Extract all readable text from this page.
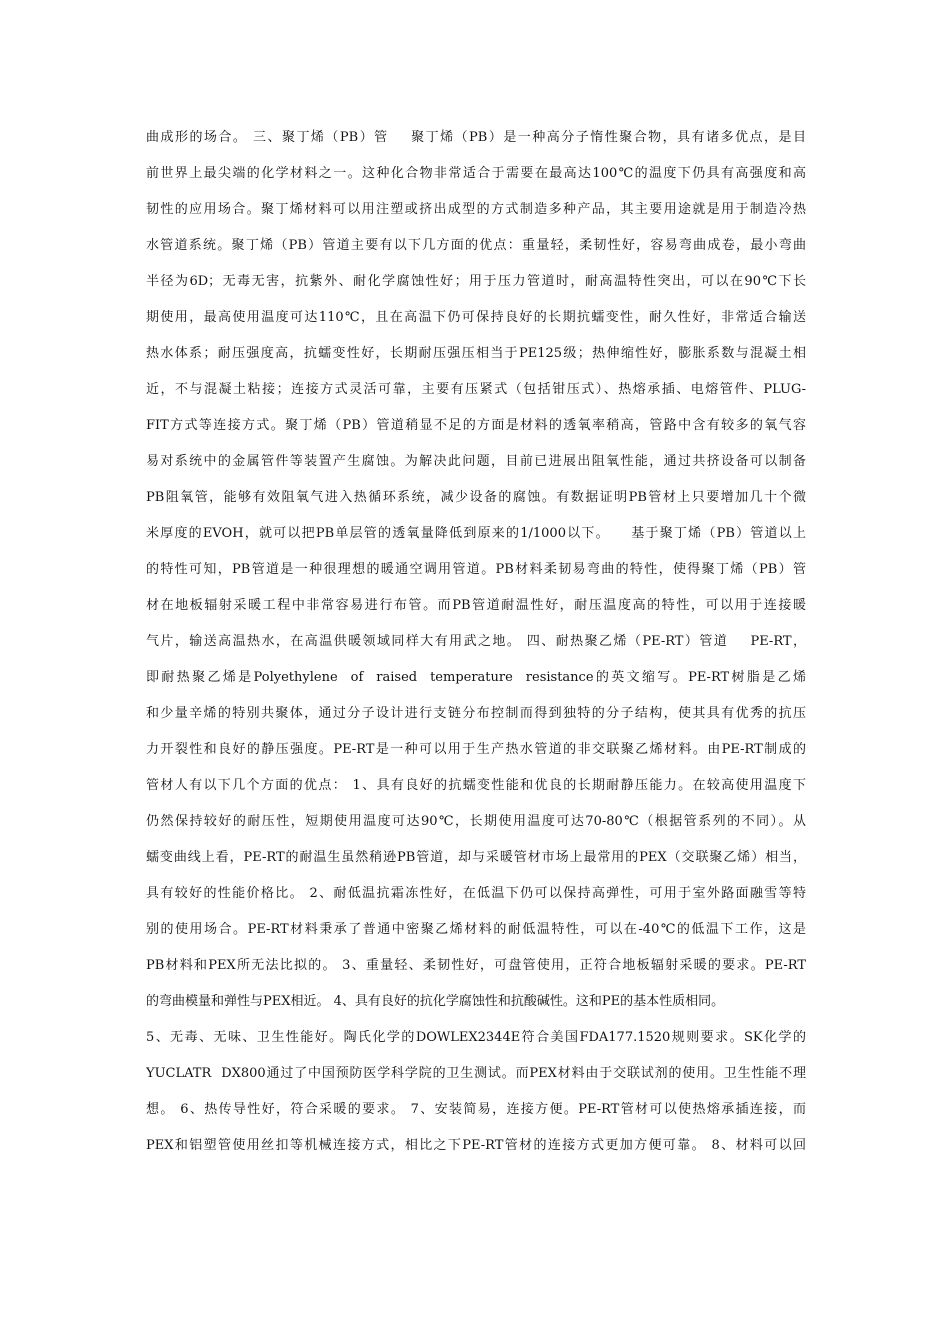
曲成形的场合。 三、聚丁烯（PB）管    聚丁烯（PB）是一种高分子惰性聚合物，具有诸多优点，是目
前世界上最尖端的化学材料之一。这种化合物非常适合于需要在最高达100℃的温度下仍具有高强度和高
韧性的应用场合。聚丁烯材料可以用注塑或挤出成型的方式制造多种产品，其主要用途就是用于制造冷热
水管道系统。聚丁烯（PB）管道主要有以下几方面的优点：重量轻，柔韧性好，容易弯曲成卷，最小弯曲
半径为6D；无毒无害，抗紫外、耐化学腐蚀性好；用于压力管道时，耐高温特性突出，可以在90℃下长
期使用，最高使用温度可达110℃，且在高温下仍可保持良好的长期抗蠕变性，耐久性好，非常适合输送
热水体系；耐压强度高，抗蠕变性好，长期耐压强压相当于PE125级；热伸缩性好，膨胀系数与混凝土相
近，不与混凝土粘接；连接方式灵活可靠，主要有压紧式（包括钳压式）、热熔承插、电熔管件、PLUG-
FIT方式等连接方式。聚丁烯（PB）管道稍显不足的方面是材料的透氧率稍高，管路中含有较多的氧气容
易对系统中的金属管件等装置产生腐蚀。为解决此问题，目前已进展出阻氧性能，通过共挤设备可以制备
PB阻氧管，能够有效阻氧气进入热循环系统，减少设备的腐蚀。有数据证明PB管材上只要增加几十个微
米厚度的EVOH，就可以把PB单层管的透氧量降低到原来的1/1000以下。    基于聚丁烯（PB）管道以上
的特性可知，PB管道是一种很理想的暖通空调用管道。PB材料柔韧易弯曲的特性，使得聚丁烯（PB）管
材在地板辐射采暖工程中非常容易进行布管。而PB管道耐温性好，耐压温度高的特性，可以用于连接暖
气片，输送高温热水，在高温供暖领域同样大有用武之地。 四、耐热聚乙烯（PE-RT）管道    PE-RT，
即耐热聚乙烯是Polyethylene  of  raised  temperature  resistance的英文缩写。PE-RT树脂是乙烯
和少量辛烯的特别共聚体，通过分子设计进行支链分布控制而得到独特的分子结构，使其具有优秀的抗压
力开裂性和良好的静压强度。PE-RT是一种可以用于生产热水管道的非交联聚乙烯材料。由PE-RT制成的
管材人有以下几个方面的优点： 1、具有良好的抗蠕变性能和优良的长期耐静压能力。在较高使用温度下
仍然保持较好的耐压性，短期使用温度可达90℃，长期使用温度可达70-80℃（根据管系列的不同）。从
蠕变曲线上看，PE-RT的耐温生虽然稍逊PB管道，却与采暖管材市场上最常用的PEX（交联聚乙烯）相当，
具有较好的性能价格比。 2、耐低温抗霜冻性好，在低温下仍可以保持高弹性，可用于室外路面融雪等特
别的使用场合。PE-RT材料秉承了普通中密聚乙烯材料的耐低温特性，可以在-40℃的低温下工作，这是
PB材料和PEX所无法比拟的。 3、重量轻、柔韧性好，可盘管使用，正符合地板辐射采暖的要求。PE-RT
的弯曲模量和弹性与PEX相近。 4、具有良好的抗化学腐蚀性和抗酸碱性。这和PE的基本性质相同。
5、无毒、无味、卫生性能好。陶氏化学的DOWLEX2344E符合美国FDA177.1520规则要求。SK化学的
YUCLATR  DX800通过了中国预防医学科学院的卫生测试。而PEX材料由于交联试剂的使用。卫生性能不理
想。 6、热传导性好，符合采暖的要求。 7、安装简易，连接方便。PE-RT管材可以使热熔承插连接，而
PEX和铝塑管使用丝扣等机械连接方式，相比之下PE-RT管材的连接方式更加方便可靠。 8、材料可以回
